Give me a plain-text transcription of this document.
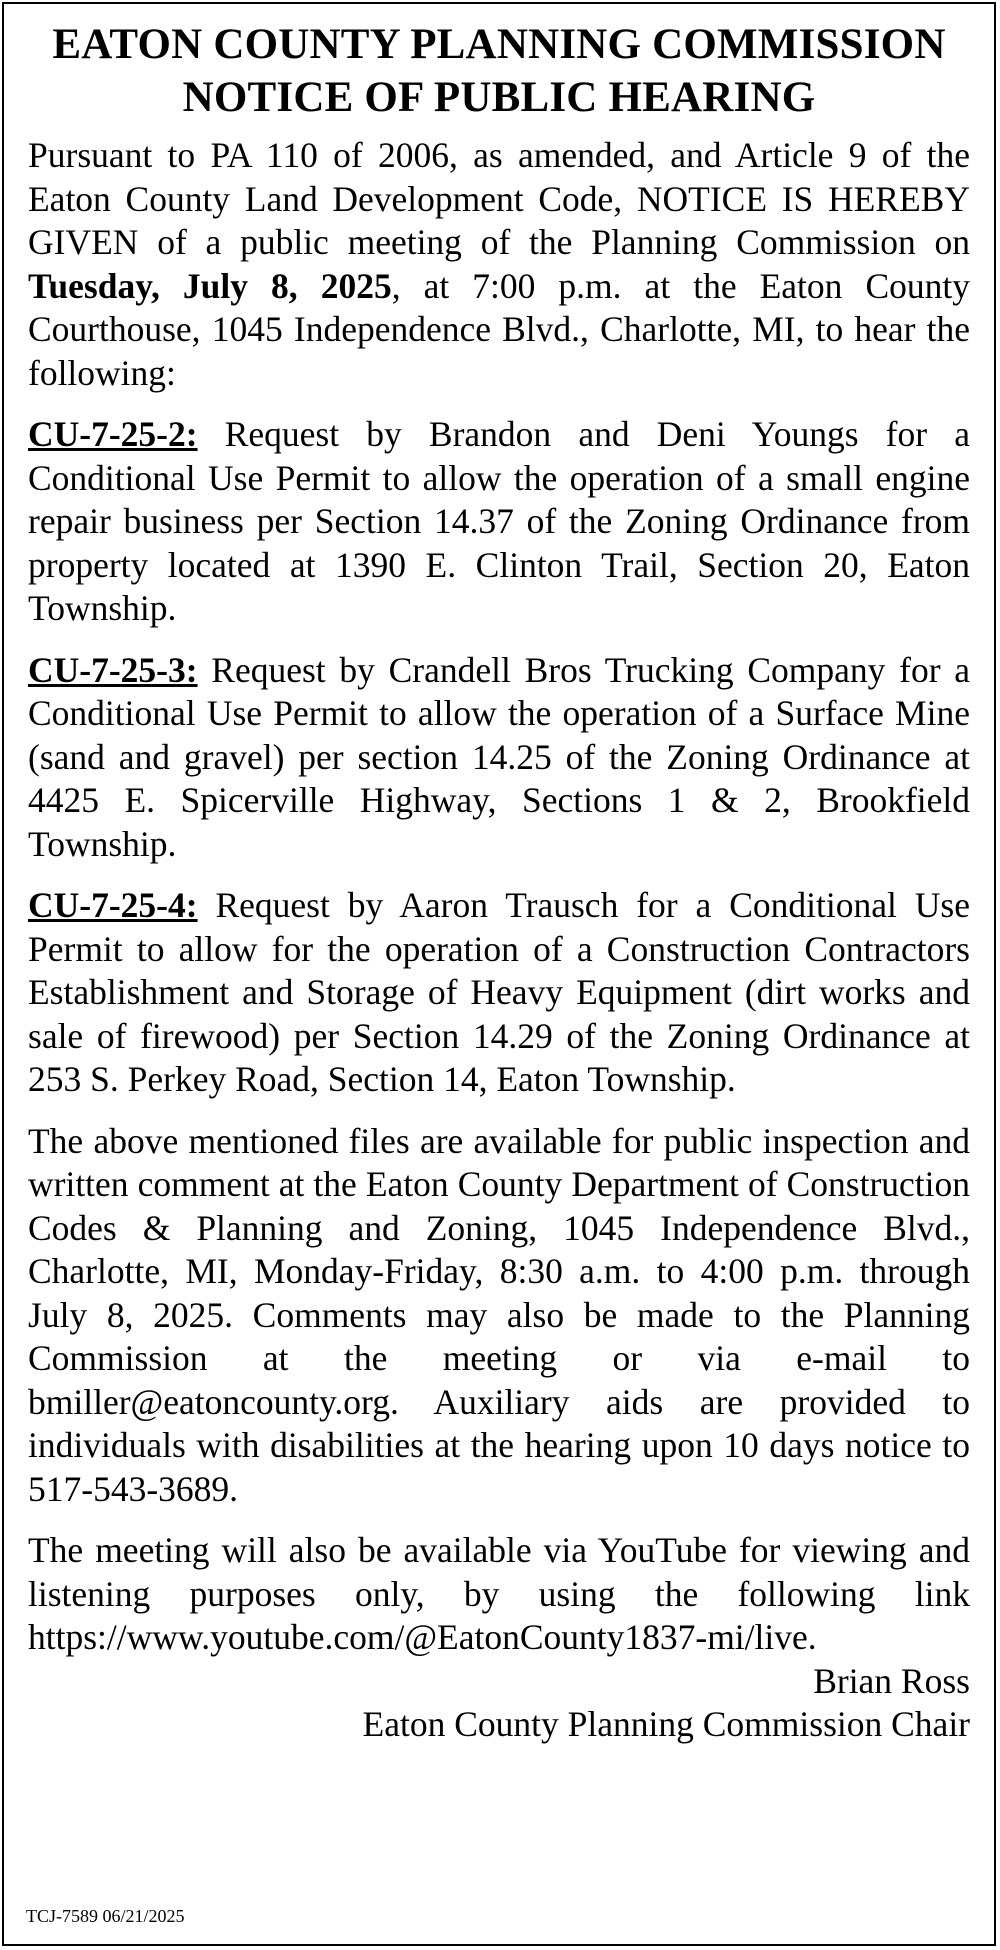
EATON COUNTY PLANNING COMMISSION
NOTICE OF PUBLIC HEARING

Pursuant to PA 110 of 2006, as amended, and Article 9 of the Eaton County Land Development Code, NOTICE IS HEREBY GIVEN of a public meeting of the Planning Commission on Tuesday, July 8, 2025, at 7:00 p.m. at the Eaton County Courthouse, 1045 Independence Blvd., Charlotte, MI, to hear the following:

CU-7-25-2: Request by Brandon and Deni Youngs for a Conditional Use Permit to allow the operation of a small engine repair business per Section 14.37 of the Zoning Ordinance from property located at 1390 E. Clinton Trail, Section 20, Eaton Township.

CU-7-25-3: Request by Crandell Bros Trucking Company for a Conditional Use Permit to allow the operation of a Surface Mine (sand and gravel) per section 14.25 of the Zoning Ordinance at 4425 E. Spicerville Highway, Sections 1 & 2, Brookfield Township.

CU-7-25-4: Request by Aaron Trausch for a Conditional Use Permit to allow for the operation of a Construction Contractors Establishment and Storage of Heavy Equipment (dirt works and sale of firewood) per Section 14.29 of the Zoning Ordinance at 253 S. Perkey Road, Section 14, Eaton Township.

The above mentioned files are available for public inspection and written comment at the Eaton County Department of Construction Codes & Planning and Zoning, 1045 Independence Blvd., Charlotte, MI, Monday-Friday, 8:30 a.m. to 4:00 p.m. through July 8, 2025. Comments may also be made to the Planning Commission at the meeting or via e-mail to bmiller@eatoncounty.org. Auxiliary aids are provided to individuals with disabilities at the hearing upon 10 days notice to 517-543-3689.

The meeting will also be available via YouTube for viewing and listening purposes only, by using the following link https://www.youtube.com/@EatonCounty1837-mi/live.

Brian Ross
Eaton County Planning Commission Chair
TCJ-7589 06/21/2025
